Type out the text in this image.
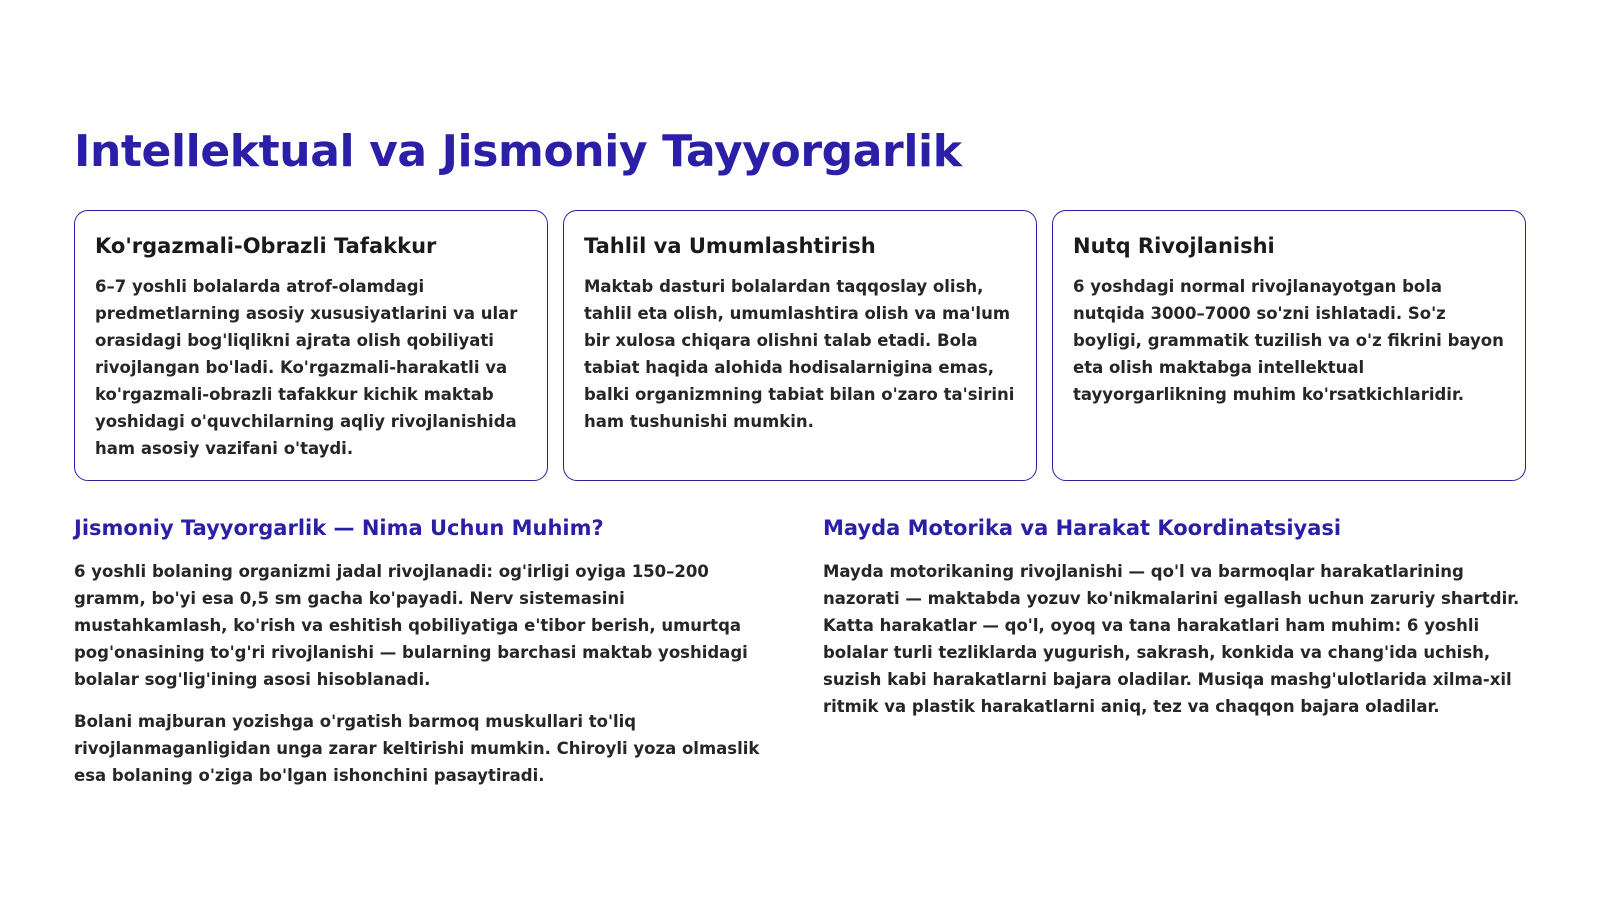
Intellektual va Jismoniy Tayyorgarlik
Ko'rgazmali-Obrazli Tafakkur

6–7 yoshli bolalarda atrof-olamdagi predmetlarning asosiy xususiyatlarini va ular orasidagi bog'liqlikni ajrata olish qobiliyati rivojlangan bo'ladi. Ko'rgazmali-harakatli va ko'rgazmali-obrazli tafakkur kichik maktab yoshidagi o'quvchilarning aqliy rivojlanishida ham asosiy vazifani o'taydi.

Tahlil va Umumlashtirish

Maktab dasturi bolalardan taqqoslay olish, tahlil eta olish, umumlashtira olish va ma'lum bir xulosa chiqara olishni talab etadi. Bola tabiat haqida alohida hodisalarnigina emas, balki organizmning tabiat bilan o'zaro ta'sirini ham tushunishi mumkin.

Nutq Rivojlanishi

6 yoshdagi normal rivojlanayotgan bola nutqida 3000–7000 so'zni ishlatadi. So'z boyligi, grammatik tuzilish va o'z fikrini bayon eta olish maktabga intellektual tayyorgarlikning muhim ko'rsatkichlaridir.

Jismoniy Tayyorgarlik — Nima Uchun Muhim?

6 yoshli bolaning organizmi jadal rivojlanadi: og'irligi oyiga 150–200 gramm, bo'yi esa 0,5 sm gacha ko'payadi. Nerv sistemasini mustahkamlash, ko'rish va eshitish qobiliyatiga e'tibor berish, umurtqa pog'onasining to'g'ri rivojlanishi — bularning barchasi maktab yoshidagi bolalar sog'lig'ining asosi hisoblanadi.

Bolani majburan yozishga o'rgatish barmoq muskullari to'liq rivojlanmaganligidan unga zarar keltirishi mumkin. Chiroyli yoza olmaslik esa bolaning o'ziga bo'lgan ishonchini pasaytiradi.

Mayda Motorika va Harakat Koordinatsiyasi

Mayda motorikaning rivojlanishi — qo'l va barmoqlar harakatlarining nazorati — maktabda yozuv ko'nikmalarini egallash uchun zaruriy shartdir. Katta harakatlar — qo'l, oyoq va tana harakatlari ham muhim: 6 yoshli bolalar turli tezliklarda yugurish, sakrash, konkida va chang'ida uchish, suzish kabi harakatlarni bajara oladilar. Musiqa mashg'ulotlarida xilma-xil ritmik va plastik harakatlarni aniq, tez va chaqqon bajara oladilar.
